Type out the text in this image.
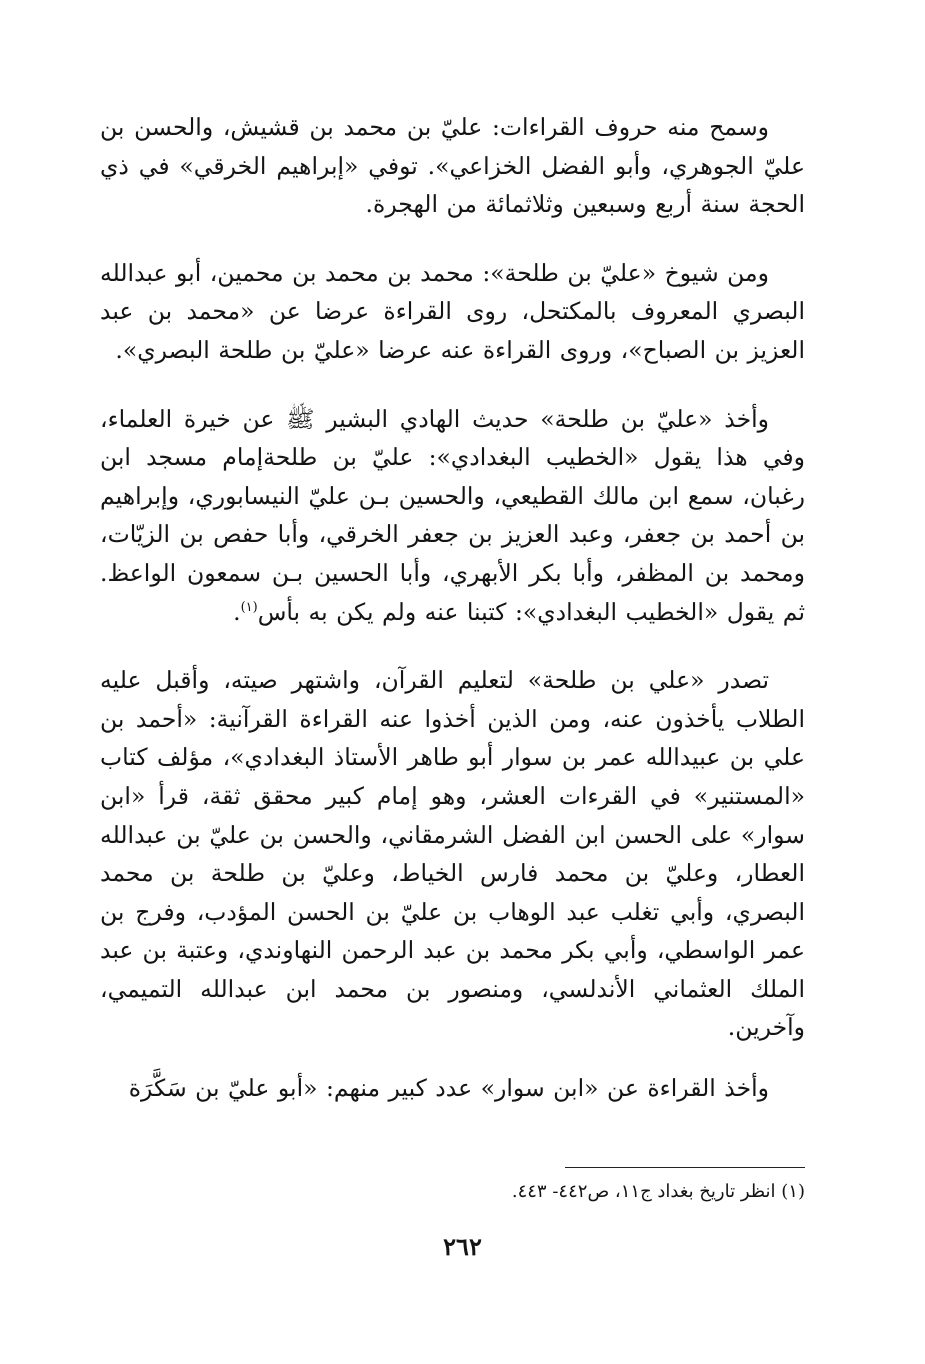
وسمح منه حروف القراءات: عليّ بن محمد بن قشيش، والحسن بن عليّ الجوهري، وأبو الفضل الخزاعي». توفي «إبراهيم الخرقي» في ذي الحجة سنة أربع وسبعين وثلاثمائة من الهجرة.

ومن شيوخ «عليّ بن طلحة»: محمد بن محمد بن محمين، أبو عبدالله البصري المعروف بالمكتحل، روى القراءة عرضا عن «محمد بن عبد العزيز بن الصباح»، وروى القراءة عنه عرضا «عليّ بن طلحة البصري».

وأخذ «عليّ بن طلحة» حديث الهادي البشير ﷺ عن خيرة العلماء، وفي هذا يقول «الخطيب البغدادي»: عليّ بن طلحةإمام مسجد ابن رغبان، سمع ابن مالك القطيعي، والحسين بـن عليّ النيسابوري، وإبراهيم بن أحمد بن جعفر، وعبد العزيز بن جعفر الخرقي، وأبا حفص بن الزيّات، ومحمد بن المظفر، وأبا بكر الأبهري، وأبا الحسين بـن سمعون الواعظ. ثم يقول «الخطيب البغدادي»: كتبنا عنه ولم يكن به بأس$^{(١)}$.

تصدر «علي بن طلحة» لتعليم القرآن، واشتهر صيته، وأقبل عليه الطلاب يأخذون عنه، ومن الذين أخذوا عنه القراءة القرآنية: «أحمد بن علي بن عبيدالله عمر بن سوار أبو طاهر الأستاذ البغدادي»، مؤلف كتاب «المستنير» في القرءات العشر، وهو إمام كبير محقق ثقة، قرأ «ابن سوار» على الحسن ابن الفضل الشرمقاني، والحسن بن عليّ بن عبدالله العطار، وعليّ بن محمد فارس الخياط، وعليّ بن طلحة بن محمد البصري، وأبي تغلب عبد الوهاب بن عليّ بن الحسن المؤدب، وفرج بن عمر الواسطي، وأبي بكر محمد بن عبد الرحمن النهاوندي، وعتبة بن عبد الملك العثماني الأندلسي، ومنصور بن محمد ابن عبدالله التميمي، وآخرين.

وأخذ القراءة عن «ابن سوار» عدد كبير منهم: «أبو عليّ بن سَكَّرَة

(١) انظر تاريخ بغداد ج١١، ص٤٤٢- ٤٤٣.
٢٦٢
